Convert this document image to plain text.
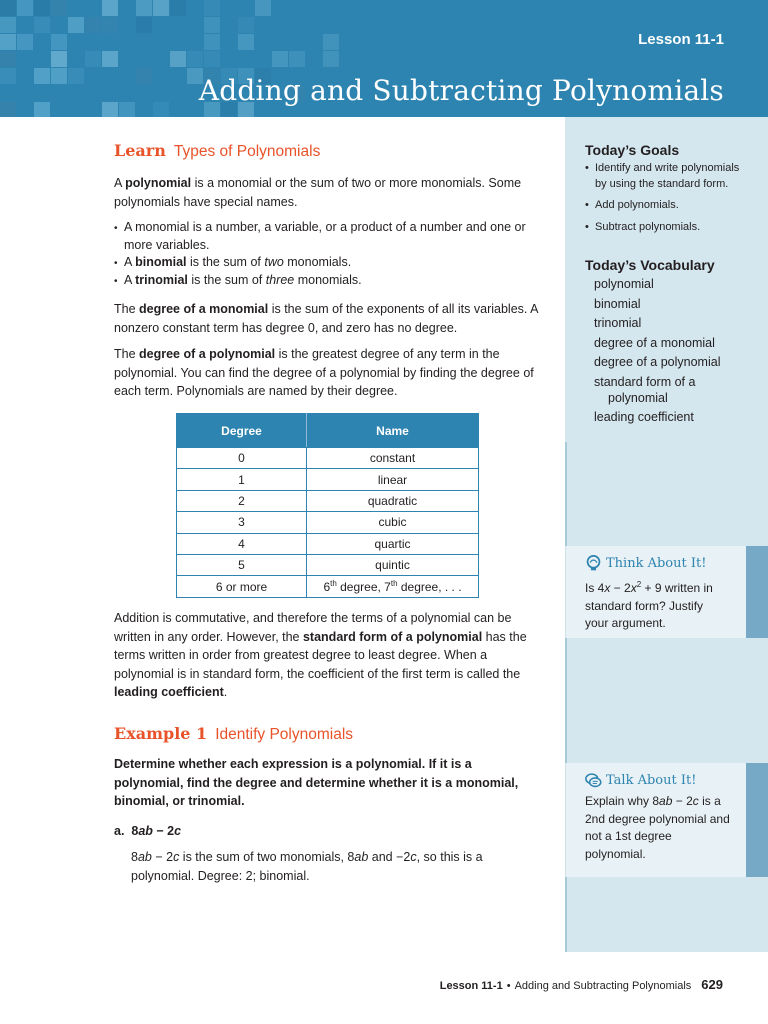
Lesson 11-1
Adding and Subtracting Polynomials
Today’s Goals
• Identify and write polynomials by using the standard form.
• Add polynomials.
• Subtract polynomials.
Today’s Vocabulary
polynomial
binomial
trinomial
degree of a monomial
degree of a polynomial
standard form of a
polynomial
leading coefficient
Think About It!
Is $4x - 2x^2 + 9$ written in standard form? Justify your argument.
Talk About It!
Explain why 8ab − 2c is a 2nd degree polynomial and not a 1st degree polynomial.
Learn Types of Polynomials

A polynomial is a monomial or the sum of two or more monomials. Some polynomials have special names.

• A monomial is a number, a variable, or a product of a number and one or more variables.
• A binomial is the sum of two monomials.
• A trinomial is the sum of three monomials.

The degree of a monomial is the sum of the exponents of all its variables. A nonzero constant term has degree 0, and zero has no degree.

The degree of a polynomial is the greatest degree of any term in the polynomial. You can find the degree of a polynomial by finding the degree of each term. Polynomials are named by their degree.

Degree	Name
0	constant
1	linear
2	quadratic
3	cubic
4	quartic
5	quintic
6 or more	6th degree, 7th degree, . . .

Addition is commutative, and therefore the terms of a polynomial can be written in any order. However, the standard form of a polynomial has the terms written in order from greatest degree to least degree. When a polynomial is in standard form, the coefficient of the first term is called the leading coefficient.

Example 1 Identify Polynomials

Determine whether each expression is a polynomial. If it is a polynomial, find the degree and determine whether it is a monomial, binomial, or trinomial.

a. 8ab − 2c

8ab − 2c is the sum of two monomials, 8ab and −2c, so this is a polynomial. Degree: 2; binomial.

Lesson 11-1 • Adding and Subtracting Polynomials 629
